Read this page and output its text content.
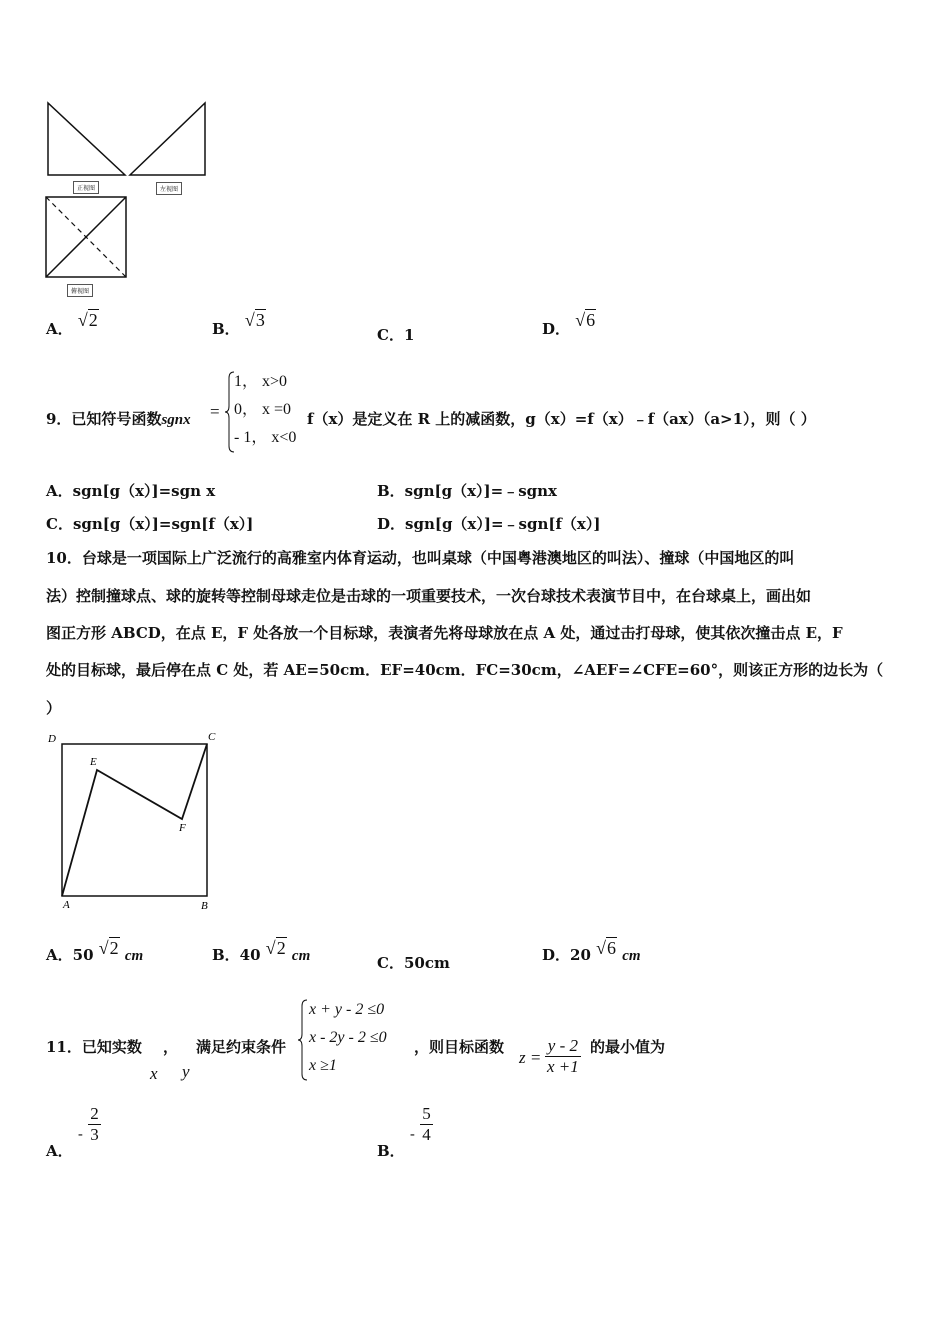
正视图	左视图
俯视图
A． √2	B． √3
C．1	D． √6
9．已知符号函数sgnx =
1， x>0
0， x =0
- 1， x<0
f（x）是定义在 R 上的减函数，g（x）=f（x）﹣f（ax）（a>1），则（ ）
A．sgn[g（x）]=sgn x	B．sgn[g（x）]=﹣sgnx
C．sgn[g（x）]=sgn[f（x）]	D．sgn[g（x）]=﹣sgn[f（x）]
10．台球是一项国际上广泛流行的高雅室内体育运动，也叫桌球（中国粤港澳地区的叫法）、撞球（中国地区的叫
法）控制撞球点、球的旋转等控制母球走位是击球的一项重要技术，一次台球技术表演节目中，在台球桌上，画出如
图正方形 ABCD，在点 E，F 处各放一个目标球，表演者先将母球放在点 A 处，通过击打母球，使其依次撞击点 E，F
处的目标球，最后停在点 C 处，若 AE=50cm．EF=40cm．FC=30cm，∠AEF=∠CFE=60°，则该正方形的边长为（
）
D	C
E
F
A	B
A．50 √2 cm	B．40 √2 cm	C．50cm	D．20 √6 cm
11．已知实数 ，
x y
满足约束条件
x + y - 2 ≤0
x - 2y - 2 ≤0
x ≥1
，则目标函数
$z = \frac{y - 2}{x +1}$ 的最小值为
A． - $\frac{2}{3}$
B． - $\frac{5}{4}$
